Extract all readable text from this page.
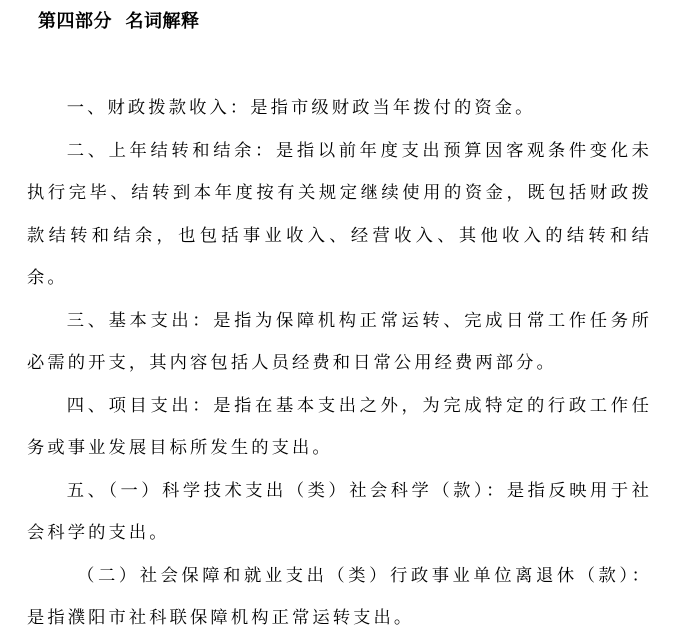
第四部分  名词解释

一、财政拨款收入：是指市级财政当年拨付的资金。

二、上年结转和结余：是指以前年度支出预算因客观条件变化未执行完毕、结转到本年度按有关规定继续使用的资金，既包括财政拨款结转和结余，也包括事业收入、经营收入、其他收入的结转和结余。

三、基本支出：是指为保障机构正常运转、完成日常工作任务所必需的开支，其内容包括人员经费和日常公用经费两部分。

四、项目支出：是指在基本支出之外，为完成特定的行政工作任务或事业发展目标所发生的支出。

五、（一）科学技术支出（类）社会科学（款）：是指反映用于社会科学的支出。

（二）社会保障和就业支出（类）行政事业单位离退休（款）：是指濮阳市社科联保障机构正常运转支出。
